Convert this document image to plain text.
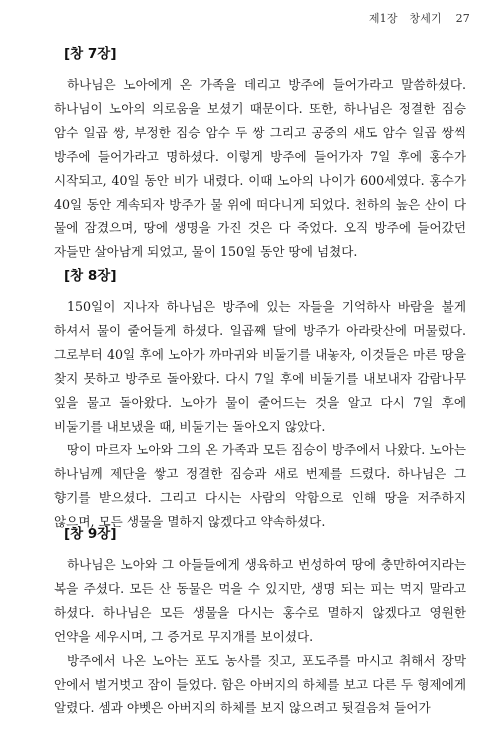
제1장 창세기 27
[창 7장]

하나님은 노아에게 온 가족을 데리고 방주에 들어가라고 말씀하셨다. 하나님이 노아의 의로움을 보셨기 때문이다. 또한, 하나님은 정결한 짐승 암수 일곱 쌍, 부정한 짐승 암수 두 쌍 그리고 공중의 새도 암수 일곱 쌍씩 방주에 들어가라고 명하셨다. 이렇게 방주에 들어가자 7일 후에 홍수가 시작되고, 40일 동안 비가 내렸다. 이때 노아의 나이가 600세였다. 홍수가 40일 동안 계속되자 방주가 물 위에 떠다니게 되었다. 천하의 높은 산이 다 물에 잠겼으며, 땅에 생명을 가진 것은 다 죽었다. 오직 방주에 들어갔던 자들만 살아남게 되었고, 물이 150일 동안 땅에 넘쳤다.

[창 8장]

150일이 지나자 하나님은 방주에 있는 자들을 기억하사 바람을 불게 하셔서 물이 줄어들게 하셨다. 일곱째 달에 방주가 아라랏산에 머물렀다. 그로부터 40일 후에 노아가 까마귀와 비둘기를 내놓자, 이것들은 마른 땅을 찾지 못하고 방주로 돌아왔다. 다시 7일 후에 비둘기를 내보내자 감람나무 잎을 물고 돌아왔다. 노아가 물이 줄어드는 것을 알고 다시 7일 후에 비둘기를 내보냈을 때, 비둘기는 돌아오지 않았다.

땅이 마르자 노아와 그의 온 가족과 모든 짐승이 방주에서 나왔다. 노아는 하나님께 제단을 쌓고 정결한 짐승과 새로 번제를 드렸다. 하나님은 그 향기를 받으셨다. 그리고 다시는 사람의 악함으로 인해 땅을 저주하지 않으며, 모든 생물을 멸하지 않겠다고 약속하셨다.

[창 9장]

하나님은 노아와 그 아들들에게 생육하고 번성하여 땅에 충만하여지라는 복을 주셨다. 모든 산 동물은 먹을 수 있지만, 생명 되는 피는 먹지 말라고 하셨다. 하나님은 모든 생물을 다시는 홍수로 멸하지 않겠다고 영원한 언약을 세우시며, 그 증거로 무지개를 보이셨다.

방주에서 나온 노아는 포도 농사를 짓고, 포도주를 마시고 취해서 장막 안에서 벌거벗고 잠이 들었다. 함은 아버지의 하체를 보고 다른 두 형제에게 알렸다. 셈과 야벳은 아버지의 하체를 보지 않으려고 뒷걸음쳐 들어가
